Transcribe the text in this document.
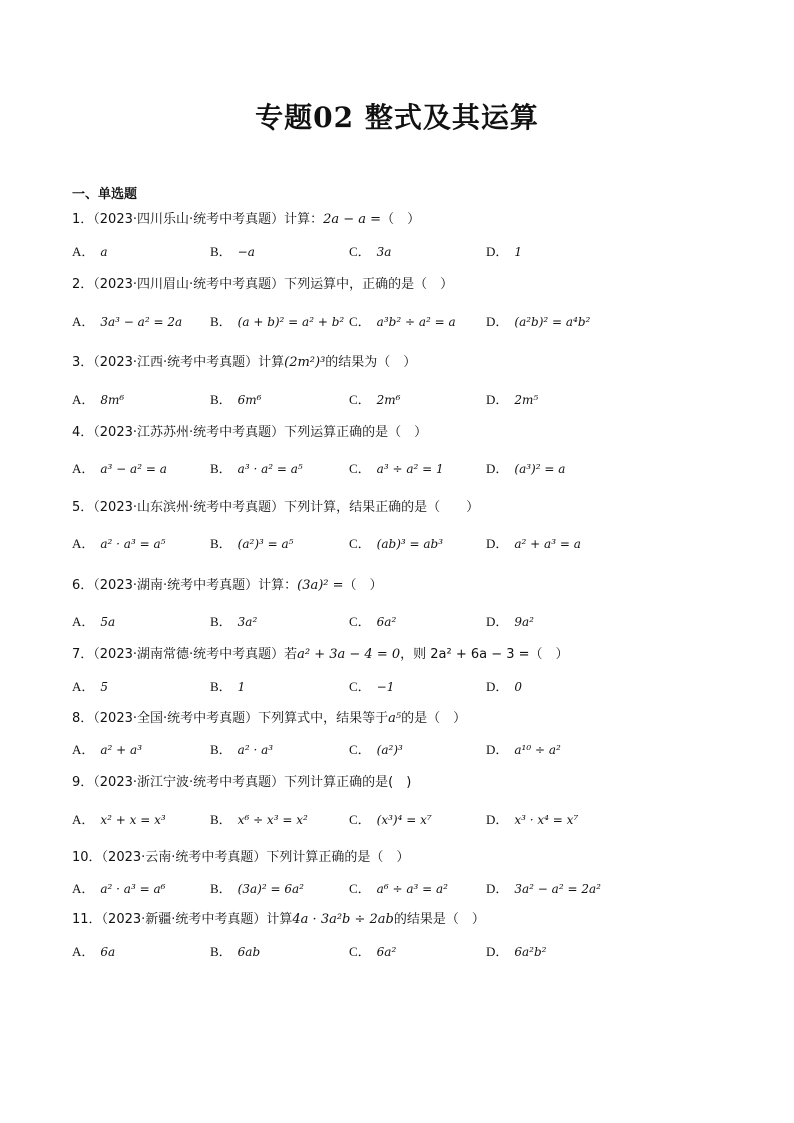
专题02 整式及其运算
一、单选题
1．（2023·四川乐山·统考中考真题）计算：2a − a =（　）
A． a	B． −a	C． 3a	D． 1
2．（2023·四川眉山·统考中考真题）下列运算中，正确的是（　）
A． 3a³ − a² = 2a B． (a + b)² = a² + b² C． a³b² ÷ a² = a D． (a²b)² = a⁴b²
3．（2023·江西·统考中考真题）计算(2m²)³的结果为（　）
A． 8m⁶	B． 6m⁶	C． 2m⁶	D． 2m⁵
4．（2023·江苏苏州·统考中考真题）下列运算正确的是（　）
A． a³ − a² = a	B． a³ · a² = a⁵	C． a³ ÷ a² = 1	D． (a³)² = a
5．（2023·山东滨州·统考中考真题）下列计算，结果正确的是（　　）
A． a² · a³ = a⁵	B． (a²)³ = a⁵	C． (ab)³ = ab³	D． a² + a³ = a
6．（2023·湖南·统考中考真题）计算：(3a)² =（　）
A． 5a	B． 3a²	C． 6a²	D． 9a²
7．（2023·湖南常德·统考中考真题）若a² + 3a − 4 = 0，则 2a² + 6a − 3 =（　）
A． 5	B． 1	C． −1	D． 0
8．（2023·全国·统考中考真题）下列算式中，结果等于a⁵的是（　）
A． a² + a³	B． a² · a³	C． (a²)³	D． a¹⁰ ÷ a²
9．（2023·浙江宁波·统考中考真题）下列计算正确的是(　)
A． x² + x = x³	B． x⁶ ÷ x³ = x²	C． (x³)⁴ = x⁷	D． x³ · x⁴ = x⁷
10．（2023·云南·统考中考真题）下列计算正确的是（　）
A． a² · a³ = a⁶	B． (3a)² = 6a²	C． a⁶ ÷ a³ = a²	D． 3a² − a² = 2a²
11．（2023·新疆·统考中考真题）计算4a · 3a²b ÷ 2ab的结果是（　）
A． 6a	B． 6ab	C． 6a²	D． 6a²b²
